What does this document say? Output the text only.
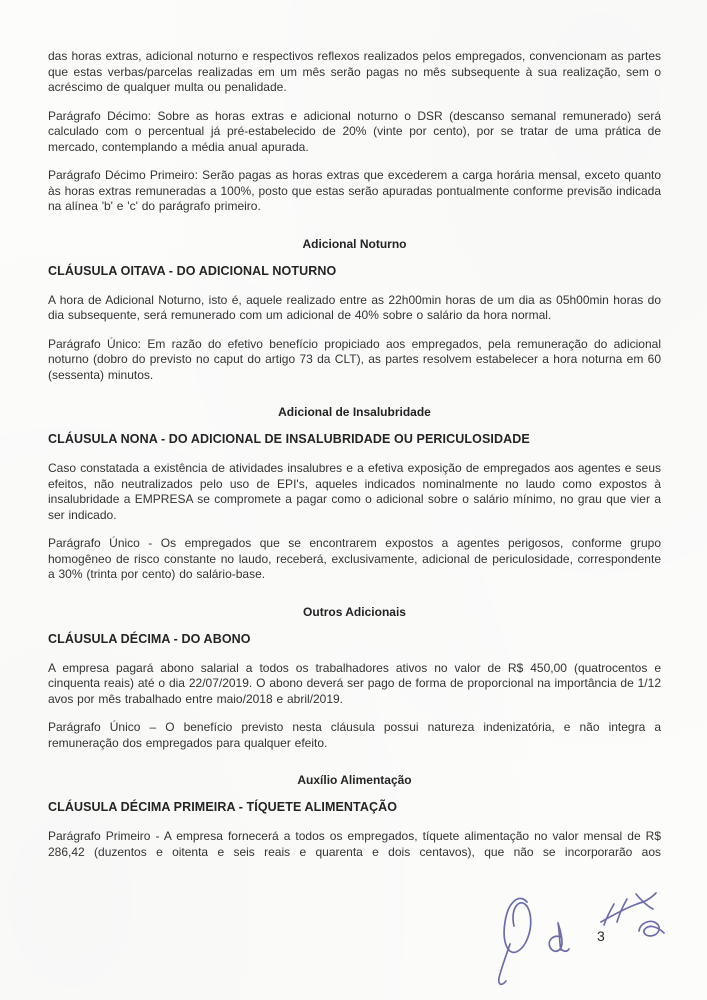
das horas extras, adicional noturno e respectivos reflexos realizados pelos empregados, convencionam as partes que estas verbas/parcelas realizadas em um mês serão pagas no mês subsequente à sua realização, sem o acréscimo de qualquer multa ou penalidade.

Parágrafo Décimo: Sobre as horas extras e adicional noturno o DSR (descanso semanal remunerado) será calculado com o percentual já pré-estabelecido de 20% (vinte por cento), por se tratar de uma prática de mercado, contemplando a média anual apurada.

Parágrafo Décimo Primeiro: Serão pagas as horas extras que excederem a carga horária mensal, exceto quanto às horas extras remuneradas a 100%, posto que estas serão apuradas pontualmente conforme previsão indicada na alínea 'b' e 'c' do parágrafo primeiro.

Adicional Noturno
CLÁUSULA OITAVA - DO ADICIONAL NOTURNO

A hora de Adicional Noturno, isto é, aquele realizado entre as 22h00min horas de um dia as 05h00min horas do dia subsequente, será remunerado com um adicional de 40% sobre o salário da hora normal.

Parágrafo Único: Em razão do efetivo benefício propiciado aos empregados, pela remuneração do adicional noturno (dobro do previsto no caput do artigo 73 da CLT), as partes resolvem estabelecer a hora noturna em 60 (sessenta) minutos.

Adicional de Insalubridade
CLÁUSULA NONA - DO ADICIONAL DE INSALUBRIDADE OU PERICULOSIDADE

Caso constatada a existência de atividades insalubres e a efetiva exposição de empregados aos agentes e seus efeitos, não neutralizados pelo uso de EPI's, aqueles indicados nominalmente no laudo como expostos à insalubridade a EMPRESA se compromete a pagar como o adicional sobre o salário mínimo, no grau que vier a ser indicado.

Parágrafo Único - Os empregados que se encontrarem expostos a agentes perigosos, conforme grupo homogêneo de risco constante no laudo, receberá, exclusivamente, adicional de periculosidade, correspondente a 30% (trinta por cento) do salário-base.

Outros Adicionais
CLÁUSULA DÉCIMA - DO ABONO

A empresa pagará abono salarial a todos os trabalhadores ativos no valor de R$ 450,00 (quatrocentos e cinquenta reais) até o dia 22/07/2019. O abono deverá ser pago de forma de proporcional na importância de 1/12 avos por mês trabalhado entre maio/2018 e abril/2019.

Parágrafo Único – O benefício previsto nesta cláusula possui natureza indenizatória, e não integra a remuneração dos empregados para qualquer efeito.

Auxílio Alimentação
CLÁUSULA DÉCIMA PRIMEIRA - TÍQUETE ALIMENTAÇÃO

Parágrafo Primeiro - A empresa fornecerá a todos os empregados, tíquete alimentação no valor mensal de R$ 286,42 (duzentos e oitenta e seis reais e quarenta e dois centavos), que não se incorporarão aos

3
